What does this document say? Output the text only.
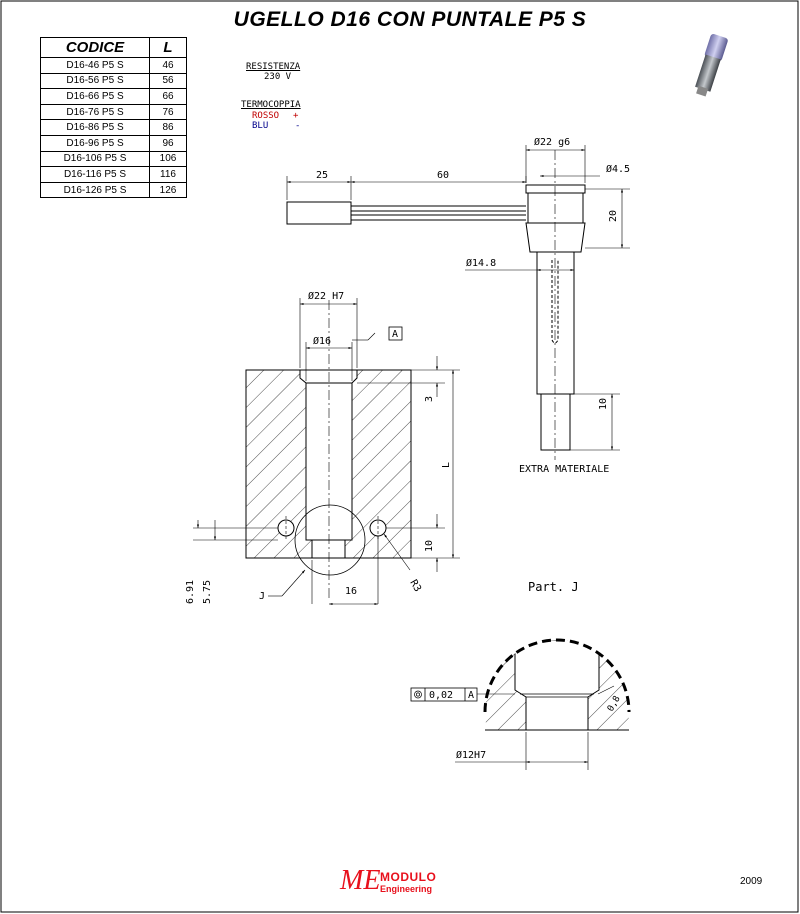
UGELLO D16 CON PUNTALE P5 S
CODICE	L
D16-46 P5 S	46
D16-56 P5 S	56
D16-66 P5 S	66
D16-76 P5 S	76
D16-86 P5 S	86
D16-96 P5 S	96
D16-106 P5 S	106
D16-116 P5 S	116
D16-126 P5 S	126
RESISTENZA
230 V
TERMOCOPPIA
ROSSO +
BLU	-
25	60
Ø22 g6
Ø4.5
20
Ø14.8
10
EXTRA MATERIALE
A
Ø22 H7
Ø16
3
L
10
6.91 5.75	J	16	R3	Part. J
0,02 A
Ø12H7
0,8
ME MODULO
Engineering
2009
